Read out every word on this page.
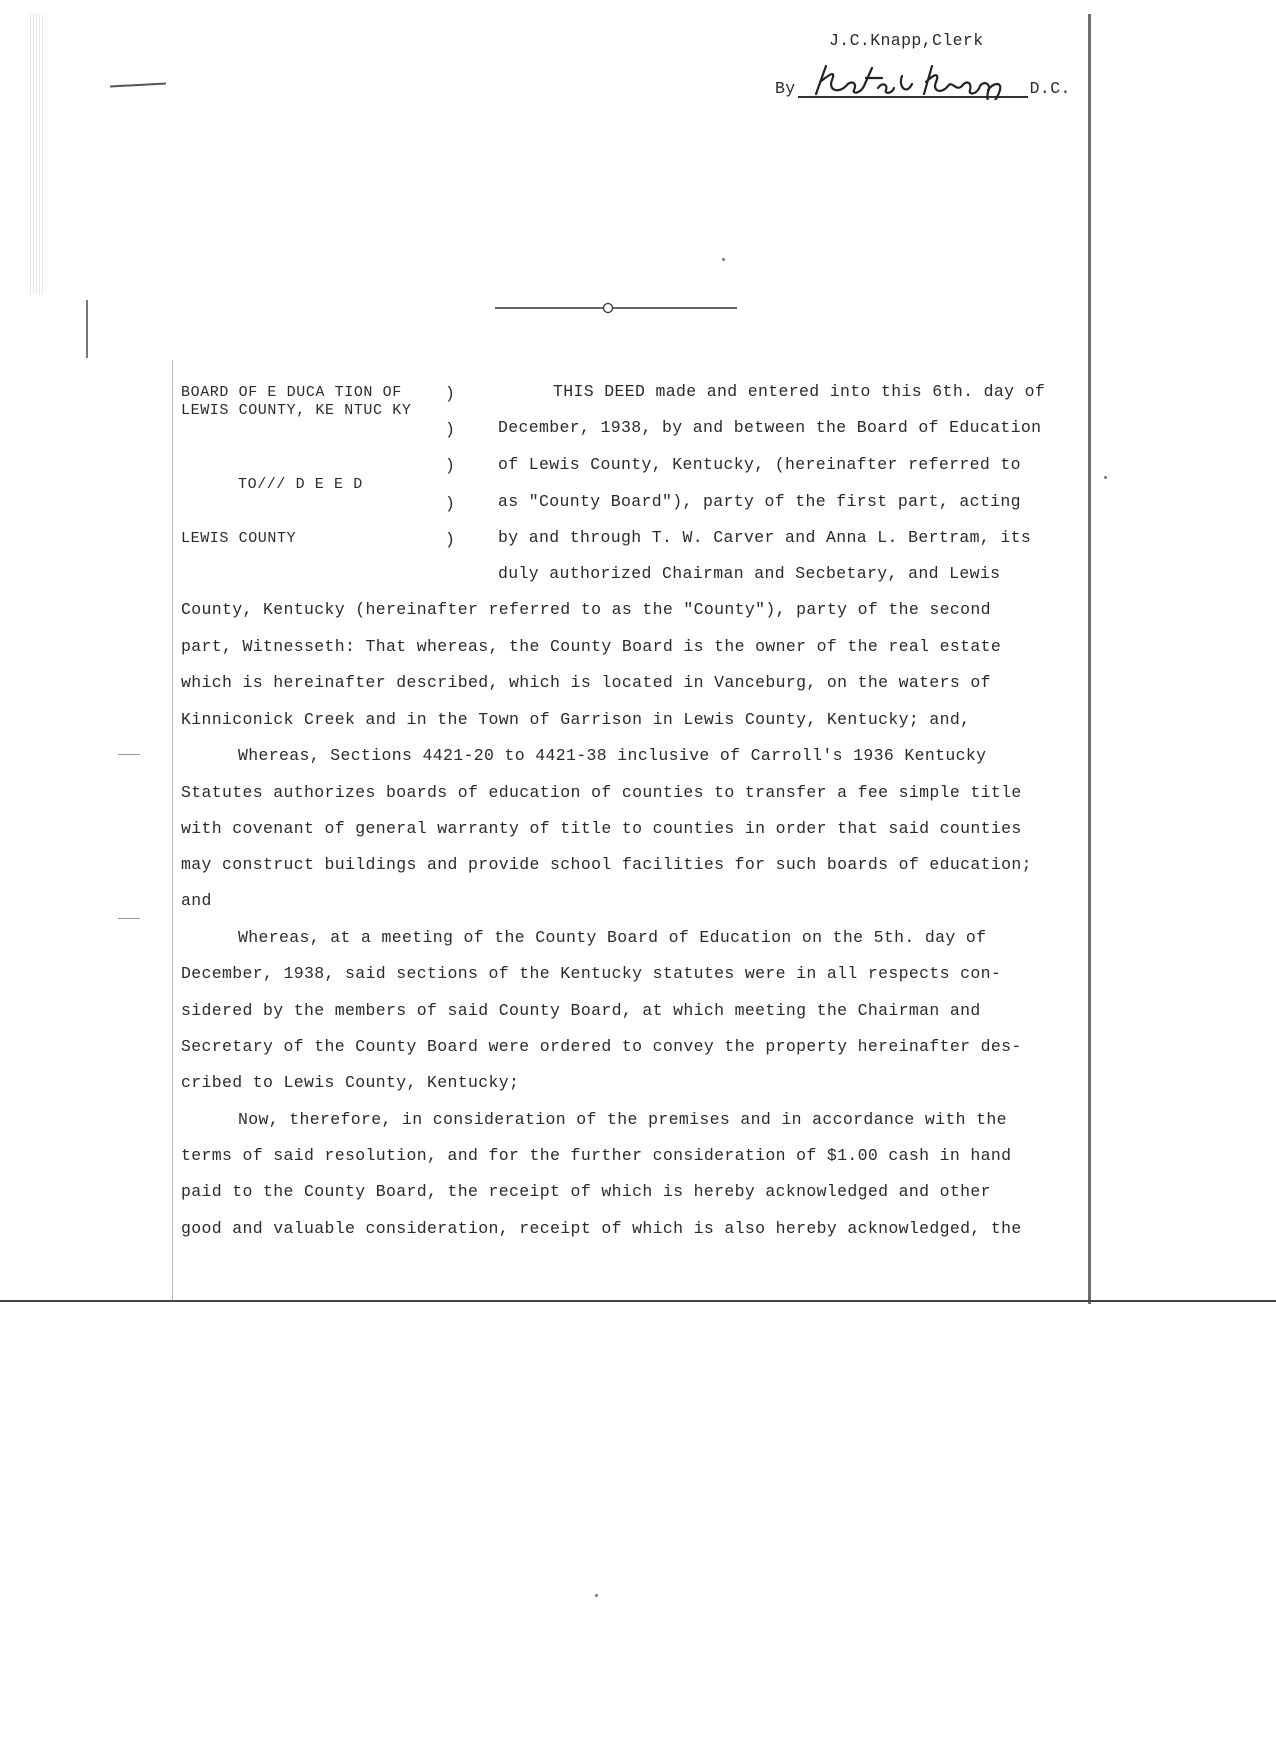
J.C.Knapp,Clerk
By	D.C.
BOARD OF E DUCA TION OF
LEWIS COUNTY, KE NTUC KY
TO/// D E E D
LEWIS COUNTY
)
)
)
)
)
THIS DEED made and entered into this 6th. day of
December, 1938, by and between the Board of Education
of Lewis County, Kentucky, (hereinafter referred to
as "County Board"), party of the first part, acting
by and through T. W. Carver and Anna L. Bertram, its
duly authorized Chairman and Secbetary, and Lewis
County, Kentucky (hereinafter referred to as the "County"), party of the second
part, Witnesseth: That whereas, the County Board is the owner of the real estate
which is hereinafter described, which is located in Vanceburg, on the waters of
Kinniconick Creek and in the Town of Garrison in Lewis County, Kentucky; and,
Whereas, Sections 4421-20 to 4421-38 inclusive of Carroll's 1936 Kentucky
Statutes authorizes boards of education of counties to transfer a fee simple title
with covenant of general warranty of title to counties in order that said counties
may construct buildings and provide school facilities for such boards of education;
and
Whereas, at a meeting of the County Board of Education on the 5th. day of
December, 1938, said sections of the Kentucky statutes were in all respects con-
sidered by the members of said County Board, at which meeting the Chairman and
Secretary of the County Board were ordered to convey the property hereinafter des-
cribed to Lewis County, Kentucky;
Now, therefore, in consideration of the premises and in accordance with the
terms of said resolution, and for the further consideration of $1.00 cash in hand
paid to the County Board, the receipt of which is hereby acknowledged and other
good and valuable consideration, receipt of which is also hereby acknowledged, the
